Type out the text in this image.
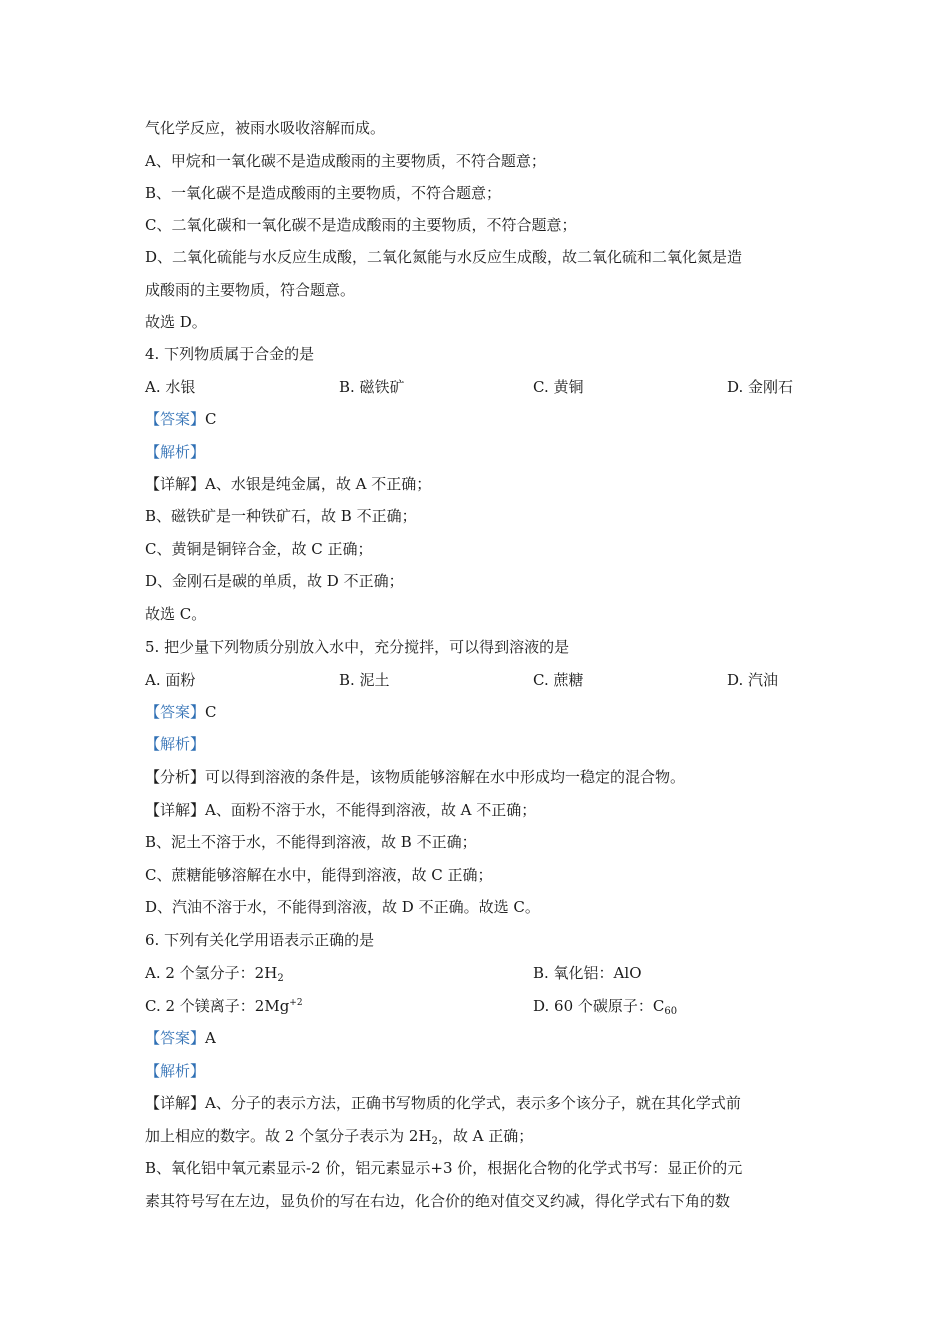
气化学反应，被雨水吸收溶解而成。
A、甲烷和一氧化碳不是造成酸雨的主要物质，不符合题意；
B、一氧化碳不是造成酸雨的主要物质，不符合题意；
C、二氧化碳和一氧化碳不是造成酸雨的主要物质，不符合题意；
D、二氧化硫能与水反应生成酸，二氧化氮能与水反应生成酸，故二氧化硫和二氧化氮是造
成酸雨的主要物质，符合题意。
故选 D。
4. 下列物质属于合金的是
A. 水银	B. 磁铁矿	C. 黄铜	D. 金刚石
【答案】C
【解析】
【详解】A、水银是纯金属，故 A 不正确；
B、磁铁矿是一种铁矿石，故 B 不正确；
C、黄铜是铜锌合金，故 C 正确；
D、金刚石是碳的单质，故 D 不正确；
故选 C。
5. 把少量下列物质分别放入水中，充分搅拌，可以得到溶液的是
A. 面粉	B. 泥土	C. 蔗糖	D. 汽油
【答案】C
【解析】
【分析】可以得到溶液的条件是，该物质能够溶解在水中形成均一稳定的混合物。
【详解】A、面粉不溶于水，不能得到溶液，故 A 不正确；
B、泥土不溶于水，不能得到溶液，故 B 不正确；
C、蔗糖能够溶解在水中，能得到溶液，故 C 正确；
D、汽油不溶于水，不能得到溶液，故 D 不正确。故选 C。
6. 下列有关化学用语表示正确的是
A. 2 个氢分子：$2H_2$	B. 氧化铝：AlO
C. 2 个镁离子：$2Mg^{+2}$	D. 60 个碳原子：$C_{60}$
【答案】A
【解析】
【详解】A、分子的表示方法，正确书写物质的化学式，表示多个该分子，就在其化学式前
加上相应的数字。故 2 个氢分子表示为 $2H_2$，故 A 正确；
B、氧化铝中氧元素显示-2 价，铝元素显示+3 价，根据化合物的化学式书写：显正价的元
素其符号写在左边，显负价的写在右边，化合价的绝对值交叉约减，得化学式右下角的数
